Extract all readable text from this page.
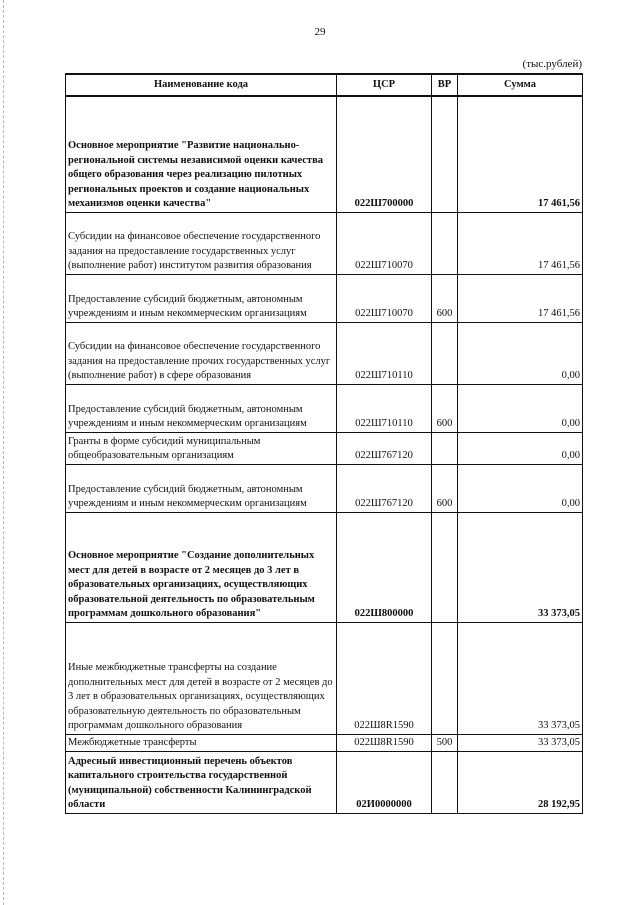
29
(тыс.рублей)
Наименование кода	ЦСР	ВР	Сумма
Основное мероприятие "Развитие национально-региональной системы независимой оценки качества общего образования через реализацию пилотных региональных проектов и создание национальных механизмов оценки качества"	022Ш700000		17 461,56
Субсидии на финансовое обеспечение государственного задания на предоставление государственных услуг (выполнение работ) институтом развития образования	022Ш710070		17 461,56
Предоставление субсидий бюджетным, автономным учреждениям и иным некоммерческим организациям	022Ш710070	600	17 461,56
Субсидии на финансовое обеспечение государственного задания на предоставление прочих государственных услуг (выполнение работ) в сфере образования	022Ш710110		0,00
Предоставление субсидий бюджетным, автономным учреждениям и иным некоммерческим организациям	022Ш710110	600	0,00
Гранты в форме субсидий муниципальным общеобразовательным организациям	022Ш767120		0,00
Предоставление субсидий бюджетным, автономным учреждениям и иным некоммерческим организациям	022Ш767120	600	0,00
Основное мероприятие "Создание дополнительных мест для детей в возрасте от 2 месяцев до 3 лет в образовательных организациях, осуществляющих образовательной деятельность по образовательным программам дошкольного образования"	022Ш800000		33 373,05
Иные межбюджетные трансферты на создание дополнительных мест для детей в возрасте от 2 месяцев до 3 лет в образовательных организациях, осуществляющих образовательную деятельность по образовательным программам дошкольного образования	022Ш8R1590		33 373,05
Межбюджетные трансферты	022Ш8R1590	500	33 373,05
Адресный инвестиционный перечень объектов капитального строительства государственной (муниципальной) собственности Калининградской области	02И0000000		28 192,95
